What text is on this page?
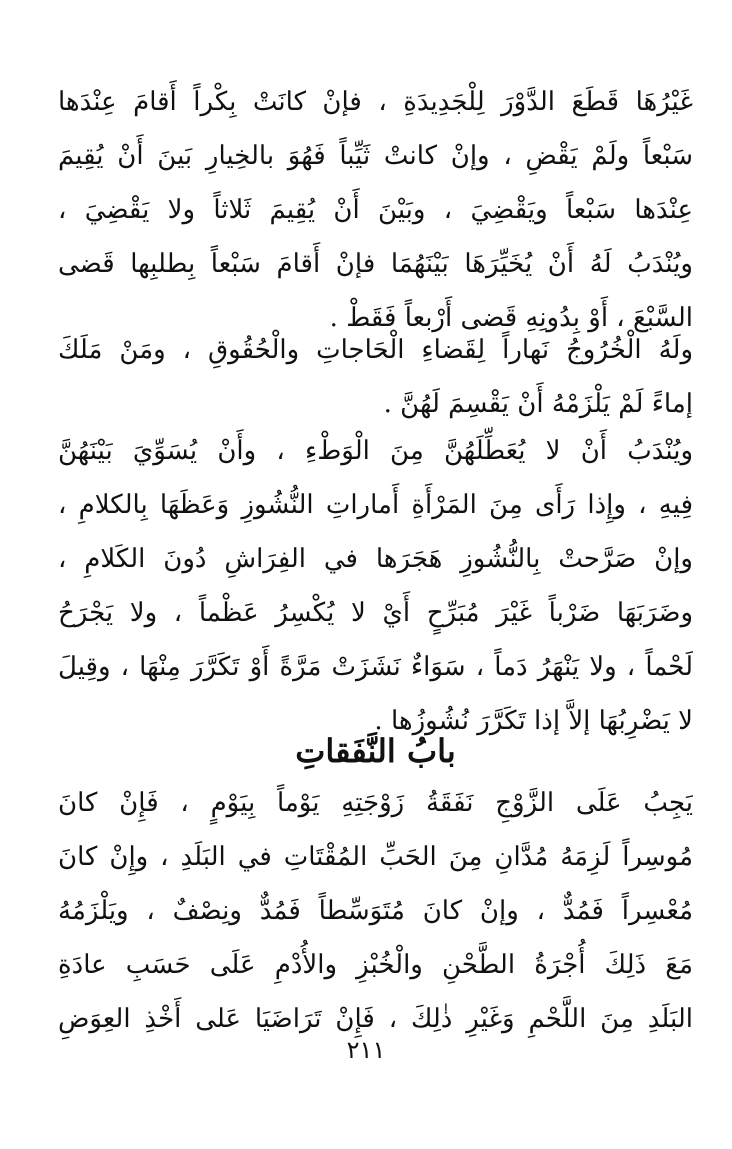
غَيْرُهَا قَطَعَ الدَّوْرَ لِلْجَدِيدَةِ ، فإنْ كانَتْ بِكْراً أَقامَ عِنْدَها
سَبْعاً ولَمْ يَقْضِ ، وإنْ كانتْ ثَيِّباً فَهُوَ بالخِيارِ بَينَ أَنْ يُقِيمَ
عِنْدَها سَبْعاً ويَقْضِيَ ، وبَيْنَ أَنْ يُقِيمَ ثَلاثاً ولا يَقْضِيَ ،
ويُنْدَبُ لَهُ أَنْ يُخَيِّرَهَا بَيْنَهُمَا فإنْ أَقامَ سَبْعاً بِطلبِها قَضى
السَّبْعَ ، أَوْ بِدُونِهِ قَضى أَرْبعاً فَقَطْ .
ولَهُ الْخُرُوجُ نَهاراً لِقَضاءِ الْحَاجاتِ والْحُقُوقِ ، ومَنْ مَلَكَ
إماءً لَمْ يَلْزَمْهُ أَنْ يَقْسِمَ لَهُنَّ .
ويُنْدَبُ أَنْ لا يُعَطِّلَهُنَّ مِنَ الْوَطْءِ ، وأَنْ يُسَوِّيَ بَيْنَهُنَّ
فِيهِ ، وإِذا رَأَى مِنَ المَرْأَةِ أَماراتِ النُّشُوزِ وَعَظَهَا بِالكلامِ ،
وإنْ صَرَّحتْ بِالنُّشُوزِ هَجَرَها في الفِرَاشِ دُونَ الكَلامِ ،
وضَرَبَهَا ضَرْباً غَيْرَ مُبَرِّحٍ أَيْ لا يُكْسِرُ عَظْماً ، ولا يَجْرَحُ
لَحْماً ، ولا يَنْهَرُ دَماً ، سَوَاءٌ نَشَزَتْ مَرَّةً أَوْ تَكَرَّرَ مِنْهَا ، وقِيلَ
لا يَضْرِبُهَا إلاَّ إذا تَكَرَّرَ نُشُوزُها .
بابُ النَّفَقاتِ
يَجِبُ عَلَى الزَّوْجِ نَفَقَةُ زَوْجَتِهِ يَوْماً بِيَوْمٍ ، فَإِنْ كانَ
مُوسِراً لَزِمَهُ مُدَّانِ مِنَ الحَبِّ المُقْتَاتِ في البَلَدِ ، وإِنْ كانَ
مُعْسِراً فَمُدٌّ ، وإنْ كانَ مُتَوَسِّطاً فَمُدٌّ ونِصْفٌ ، ويَلْزَمُهُ
مَعَ ذَلِكَ أُجْرَةُ الطَّحْنِ والْخُبْزِ والأُدْمِ عَلَى حَسَبِ عادَةِ
البَلَدِ مِنَ اللَّحْمِ وَغَيْرِ ذٰلِكَ ، فَإِنْ تَرَاضَيَا عَلى أَخْذِ العِوَضِ
٢١١
